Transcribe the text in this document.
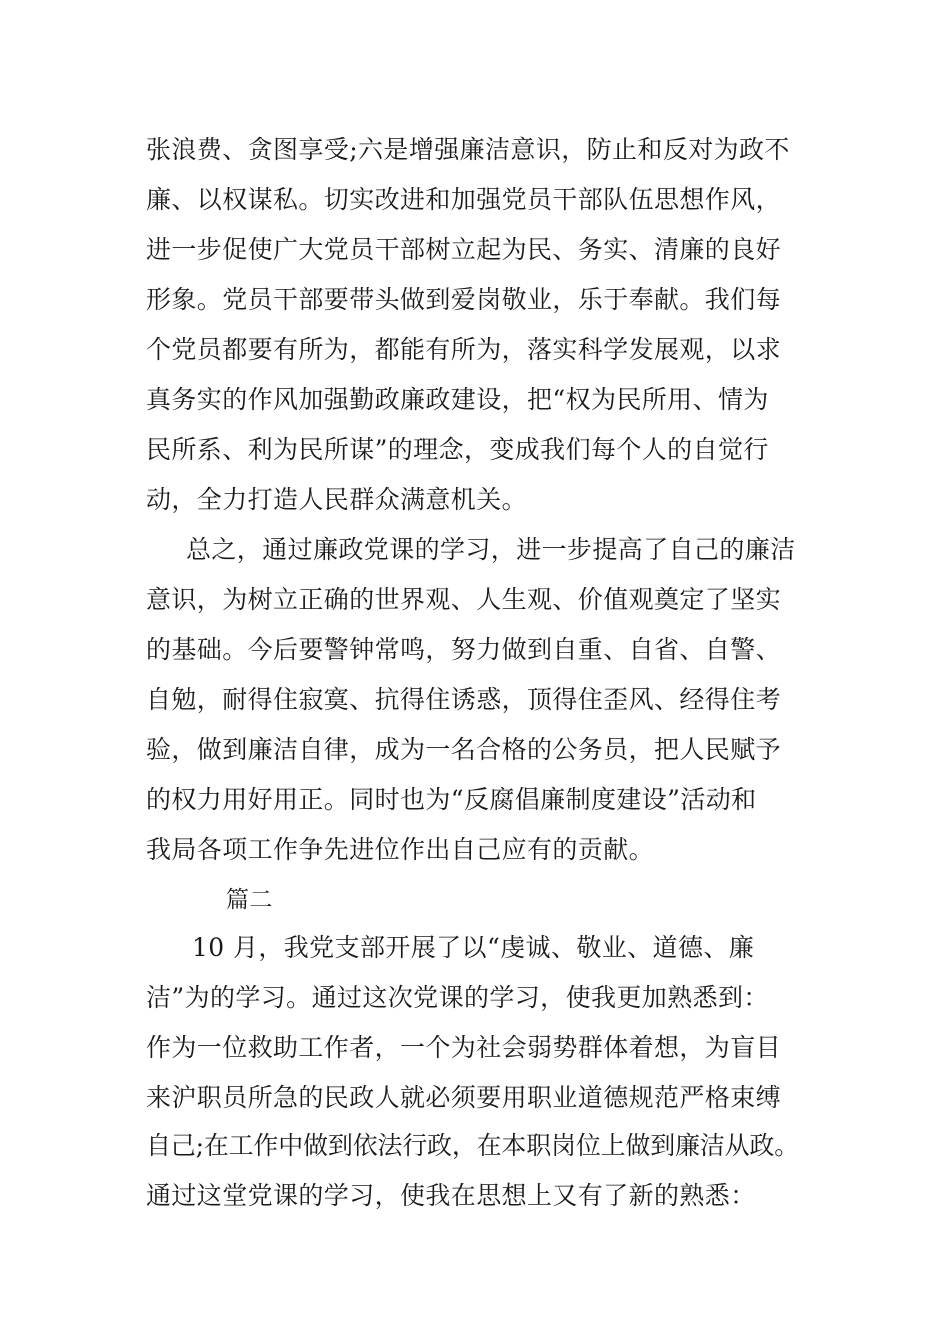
张浪费、贪图享受;六是增强廉洁意识，防止和反对为政不
廉、以权谋私。切实改进和加强党员干部队伍思想作风，
进一步促使广大党员干部树立起为民、务实、清廉的良好
形象。党员干部要带头做到爱岗敬业，乐于奉献。我们每
个党员都要有所为，都能有所为，落实科学发展观，以求
真务实的作风加强勤政廉政建设，把“权为民所用、情为
民所系、利为民所谋”的理念，变成我们每个人的自觉行
动，全力打造人民群众满意机关。
总之，通过廉政党课的学习，进一步提高了自己的廉洁
意识，为树立正确的世界观、人生观、价值观奠定了坚实
的基础。今后要警钟常鸣，努力做到自重、自省、自警、
自勉，耐得住寂寞、抗得住诱惑，顶得住歪风、经得住考
验，做到廉洁自律，成为一名合格的公务员，把人民赋予
的权力用好用正。同时也为“反腐倡廉制度建设”活动和
我局各项工作争先进位作出自己应有的贡献。
篇二
10 月，我党支部开展了以“虔诚、敬业、道德、廉
洁”为的学习。通过这次党课的学习，使我更加熟悉到：
作为一位救助工作者，一个为社会弱势群体着想，为盲目
来沪职员所急的民政人就必须要用职业道德规范严格束缚
自己;在工作中做到依法行政，在本职岗位上做到廉洁从政。
通过这堂党课的学习，使我在思想上又有了新的熟悉：
